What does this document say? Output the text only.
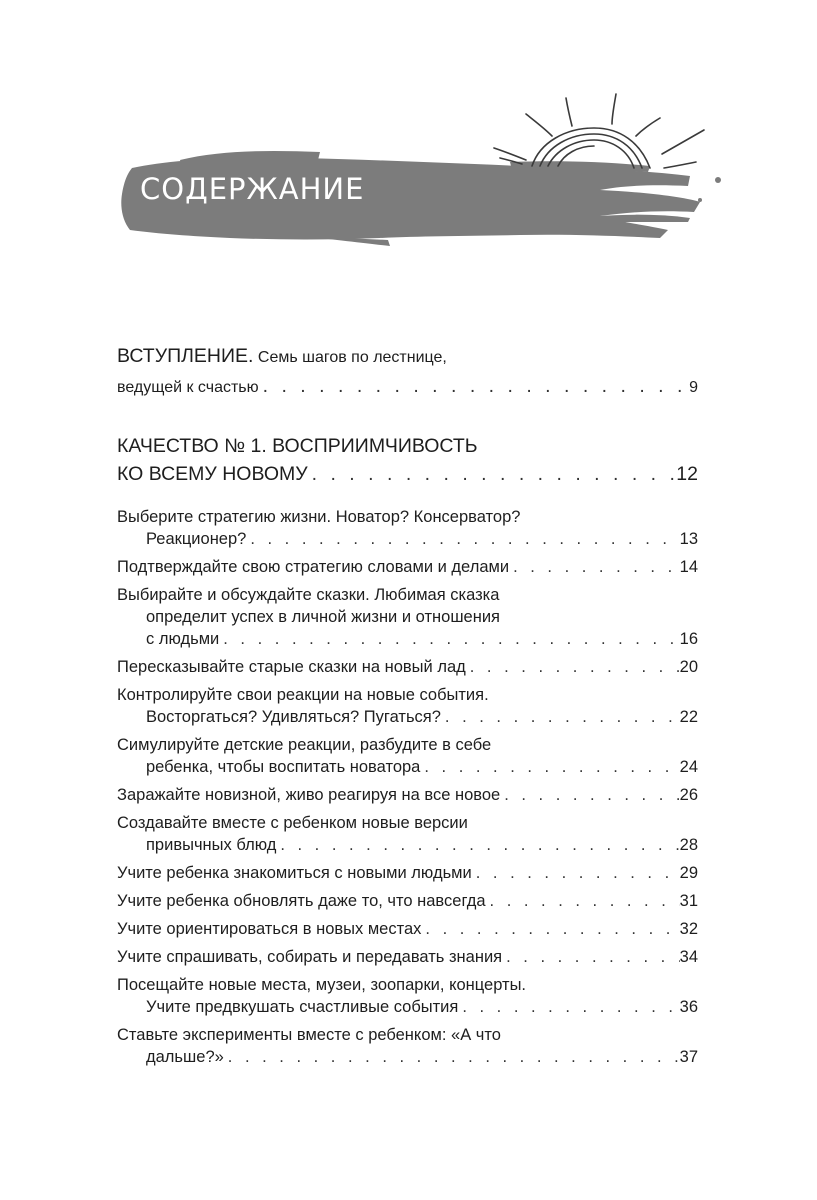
СОДЕРЖАНИЕ
ВСТУПЛЕНИЕ. Семь шагов по лестнице,
ведущей к счастью . . .	9
КАЧЕСТВО № 1. ВОСПРИИМЧИВОСТЬ
КО ВСЕМУ НОВОМУ . . .	12
Выберите стратегию жизни. Новатор? Консерватор?
Реакционер? . . .	13
Подтверждайте свою стратегию словами и делами . . .	14
Выбирайте и обсуждайте сказки. Любимая сказка
определит успех в личной жизни и отношения
с людьми . . .	16
Пересказывайте старые сказки на новый лад . . .	20
Контролируйте свои реакции на новые события.
Восторгаться? Удивляться? Пугаться? . . .	22
Симулируйте детские реакции, разбудите в себе
ребенка, чтобы воспитать новатора . . .	24
Заражайте новизной, живо реагируя на все новое . . .	26
Создавайте вместе с ребенком новые версии
привычных блюд . . .	28
Учите ребенка знакомиться с новыми людьми . . .	29
Учите ребенка обновлять даже то, что навсегда . . .	31
Учите ориентироваться в новых местах . . .	32
Учите спрашивать, собирать и передавать знания . . .	34
Посещайте новые места, музеи, зоопарки, концерты.
Учите предвкушать счастливые события . . .	36
Ставьте эксперименты вместе с ребенком: «А что
дальше?» . . .	37
